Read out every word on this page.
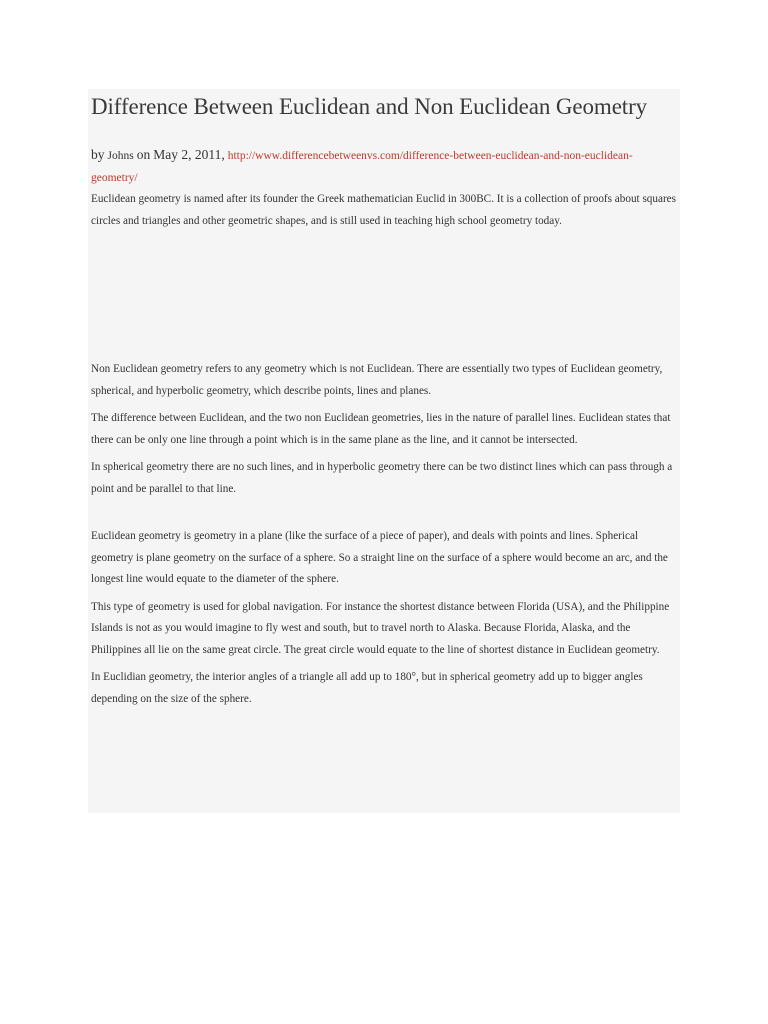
Difference Between Euclidean and Non Euclidean Geometry
by Johns on May 2, 2011, http://www.differencebetweenvs.com/difference-between-euclidean-and-non-euclidean-geometry/

Euclidean geometry is named after its founder the Greek mathematician Euclid in 300BC. It is a collection of proofs about squares circles and triangles and other geometric shapes, and is still used in teaching high school geometry today.

Non Euclidean geometry refers to any geometry which is not Euclidean. There are essentially two types of Euclidean geometry, spherical, and hyperbolic geometry, which describe points, lines and planes.

The difference between Euclidean, and the two non Euclidean geometries, lies in the nature of parallel lines. Euclidean states that there can be only one line through a point which is in the same plane as the line, and it cannot be intersected.

In spherical geometry there are no such lines, and in hyperbolic geometry there can be two distinct lines which can pass through a point and be parallel to that line.

Euclidean geometry is geometry in a plane (like the surface of a piece of paper), and deals with points and lines. Spherical geometry is plane geometry on the surface of a sphere. So a straight line on the surface of a sphere would become an arc, and the longest line would equate to the diameter of the sphere.

This type of geometry is used for global navigation. For instance the shortest distance between Florida (USA), and the Philippine Islands is not as you would imagine to fly west and south, but to travel north to Alaska. Because Florida, Alaska, and the Philippines all lie on the same great circle. The great circle would equate to the line of shortest distance in Euclidean geometry.

In Euclidian geometry, the interior angles of a triangle all add up to 180°, but in spherical geometry add up to bigger angles depending on the size of the sphere.
